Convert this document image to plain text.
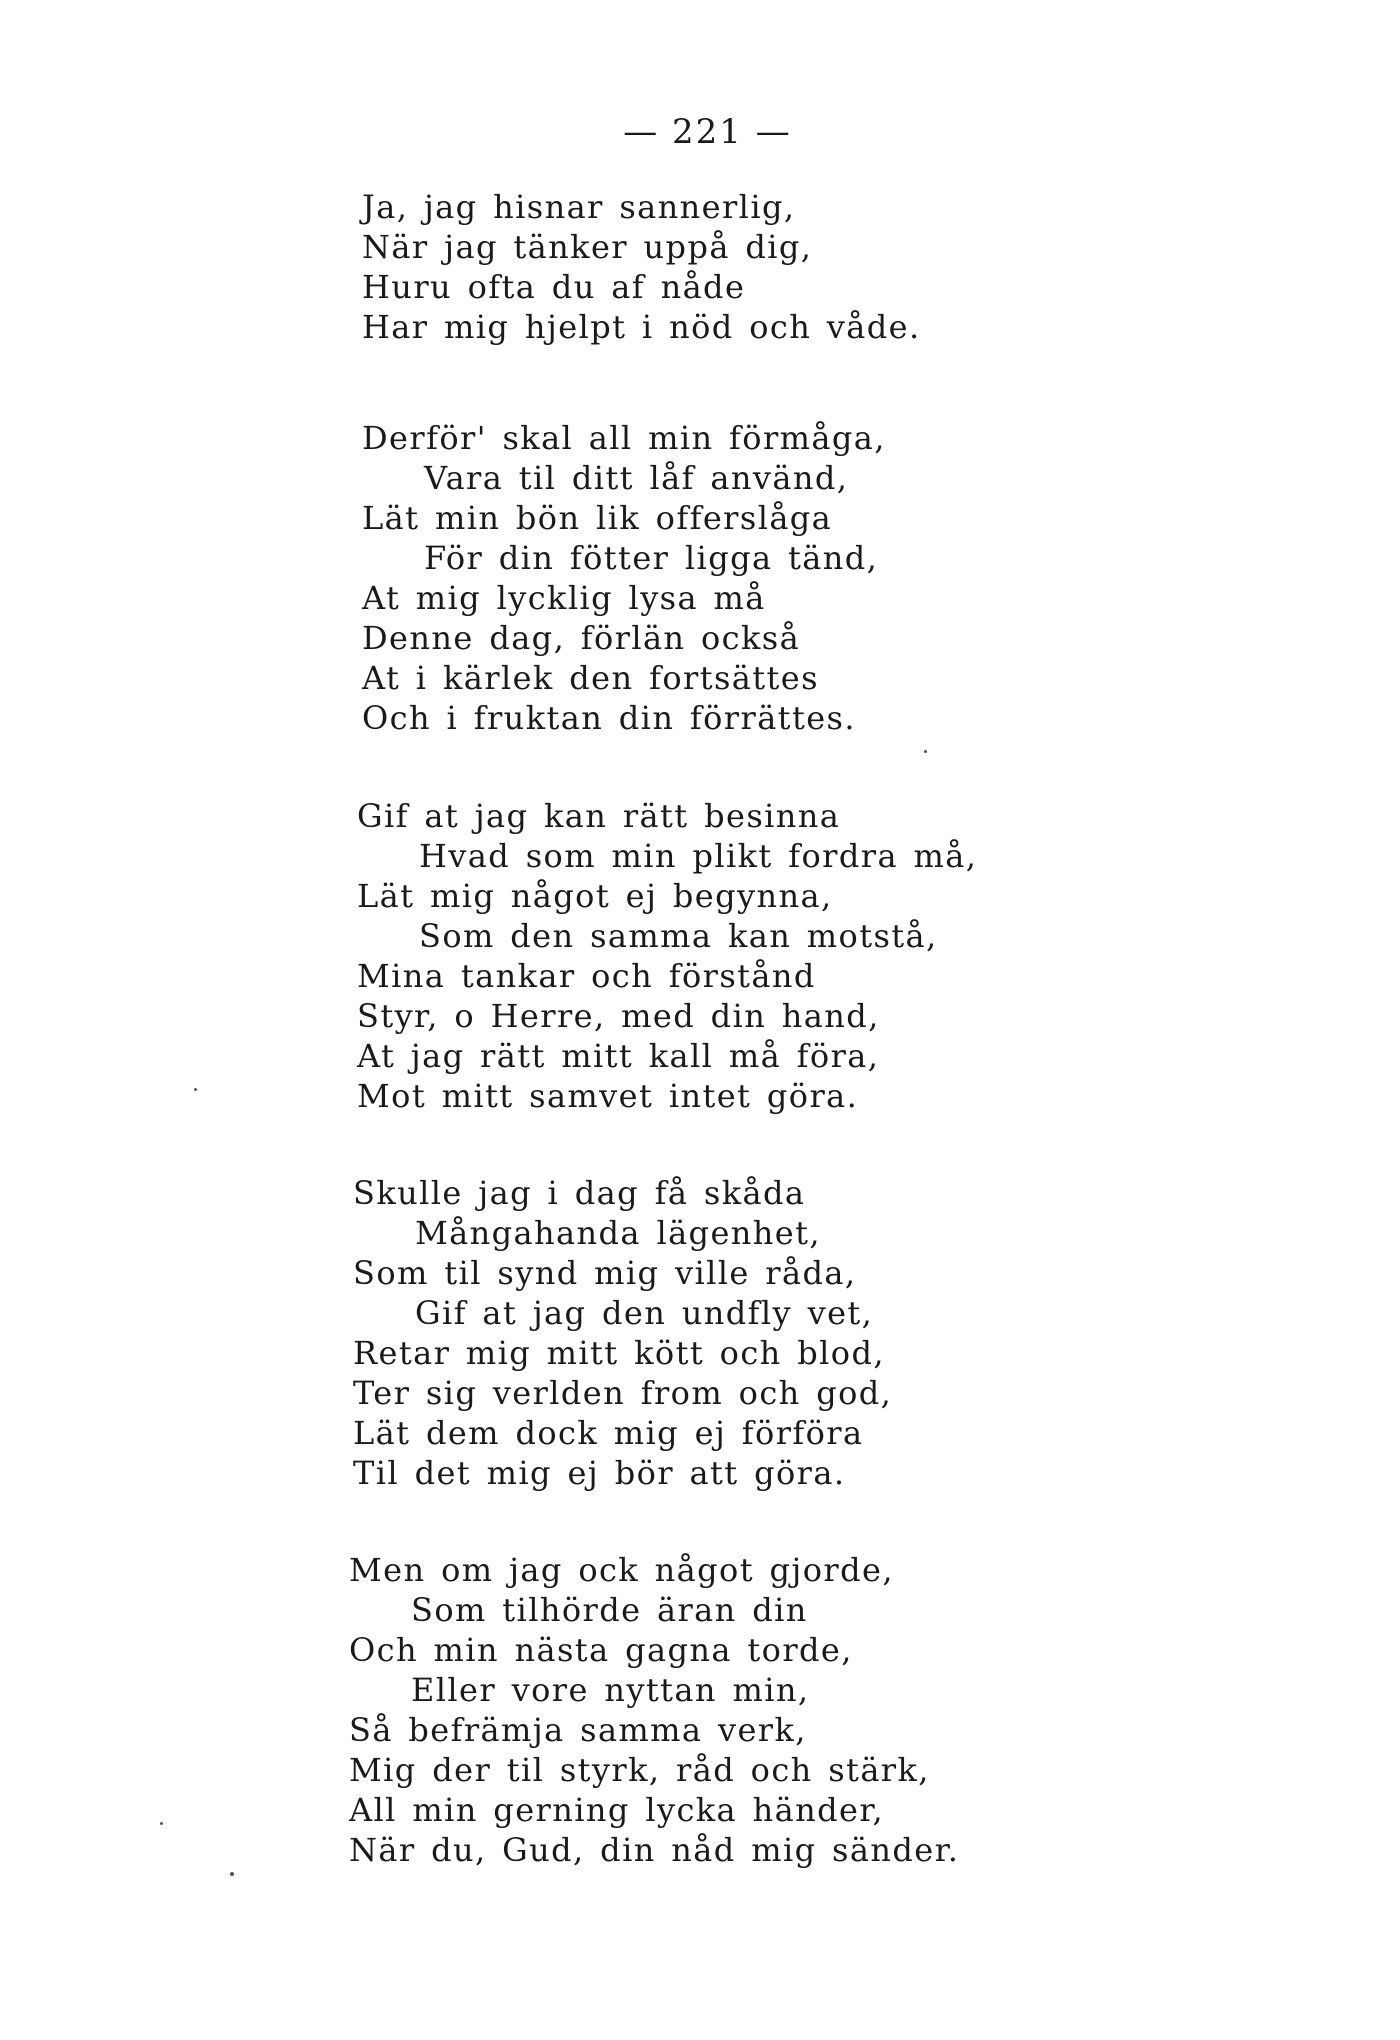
— 221 —
Ja, jag hisnar sannerlig,
När jag tänker uppå dig,
Huru ofta du af nåde
Har mig hjelpt i nöd och våde.
Derför' skal all min förmåga,
Vara til ditt låf använd,
Lät min bön lik offerslåga
För din fötter ligga tänd,
At mig lycklig lysa må
Denne dag, förlän också
At i kärlek den fortsättes
Och i fruktan din förrättes.
Gif at jag kan rätt besinna
Hvad som min plikt fordra må,
Lät mig något ej begynna,
Som den samma kan motstå,
Mina tankar och förstånd
Styr, o Herre, med din hand,
At jag rätt mitt kall må föra,
Mot mitt samvet intet göra.
Skulle jag i dag få skåda
Mångahanda lägenhet,
Som til synd mig ville råda,
Gif at jag den undfly vet,
Retar mig mitt kött och blod,
Ter sig verlden from och god,
Lät dem dock mig ej förföra
Til det mig ej bör att göra.
Men om jag ock något gjorde,
Som tilhörde äran din
Och min nästa gagna torde,
Eller vore nyttan min,
Så befrämja samma verk,
Mig der til styrk, råd och stärk,
All min gerning lycka händer,
När du, Gud, din nåd mig sänder.
